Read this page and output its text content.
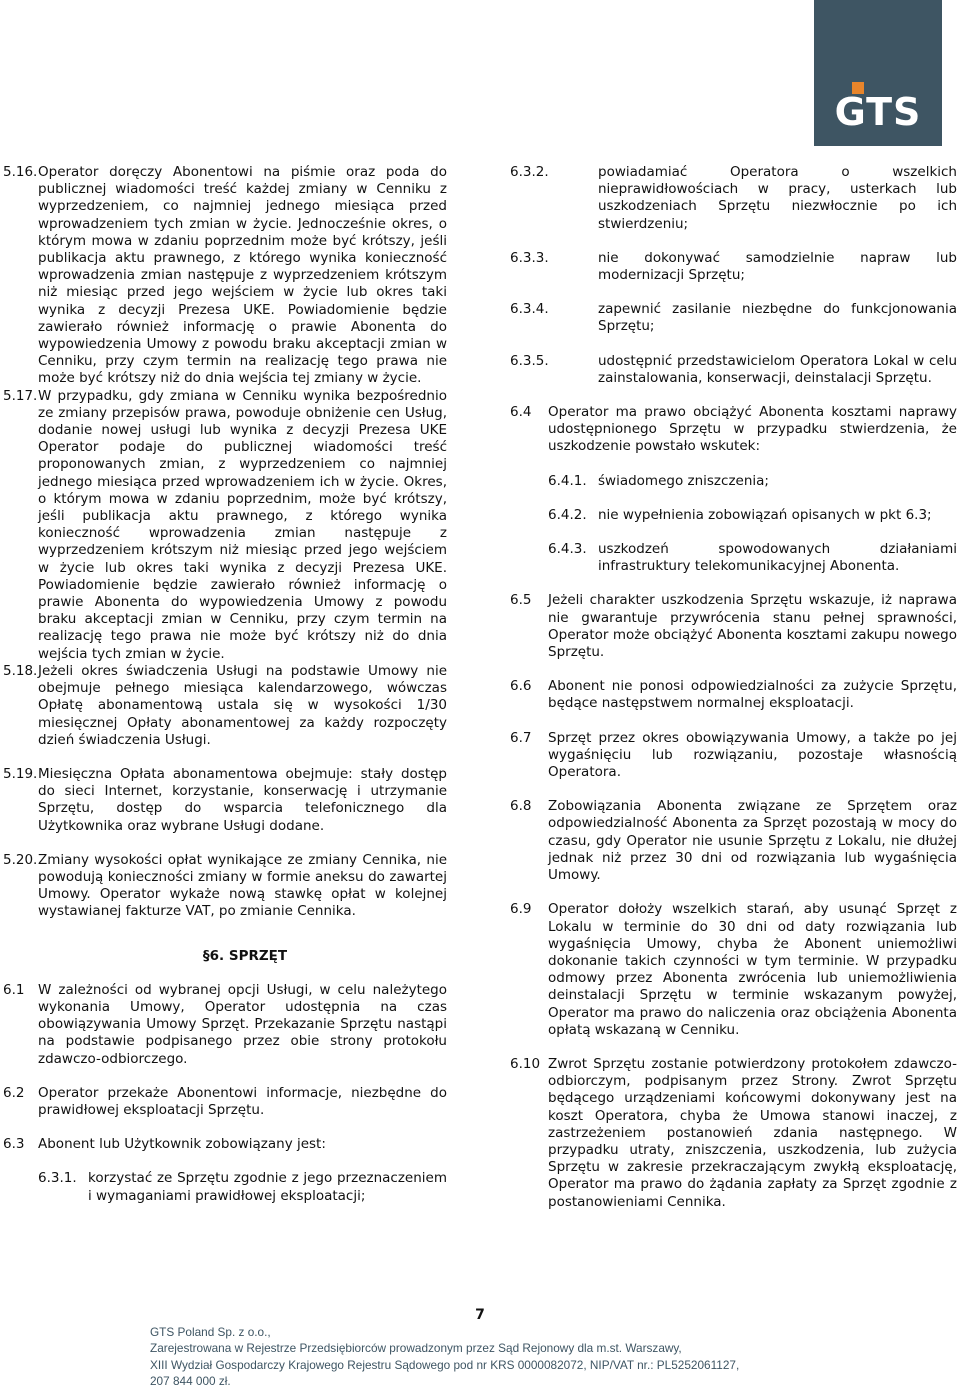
GTS
5.16. Operator doręczy Abonentowi na piśmie oraz poda do publicznej wiadomości treść każdej zmiany w Cenniku z wyprzedzeniem, co najmniej jednego miesiąca przed wprowadzeniem tych zmian w życie. Jednocześnie okres, o którym mowa w zdaniu poprzednim może być krótszy, jeśli publikacja aktu prawnego, z którego wynika konieczność wprowadzenia zmian następuje z wyprzedzeniem krótszym niż miesiąc przed jego wejściem w życie lub okres taki wynika z decyzji Prezesa UKE. Powiadomienie będzie zawierało również informację o prawie Abonenta do wypowiedzenia Umowy z powodu braku akceptacji zmian w Cenniku, przy czym termin na realizację tego prawa nie może być krótszy niż do dnia wejścia tej zmiany w życie.
5.17. W przypadku, gdy zmiana w Cenniku wynika bezpośrednio ze zmiany przepisów prawa, powoduje obniżenie cen Usług, dodanie nowej usługi lub wynika z decyzji Prezesa UKE Operator podaje do publicznej wiadomości treść proponowanych zmian, z wyprzedzeniem co najmniej jednego miesiąca przed wprowadzeniem ich w życie. Okres, o którym mowa w zdaniu poprzednim, może być krótszy, jeśli publikacja aktu prawnego, z którego wynika konieczność wprowadzenia zmian następuje z wyprzedzeniem krótszym niż miesiąc przed jego wejściem w życie lub okres taki wynika z decyzji Prezesa UKE. Powiadomienie będzie zawierało również informację o prawie Abonenta do wypowiedzenia Umowy z powodu braku akceptacji zmian w Cenniku, przy czym termin na realizację tego prawa nie może być krótszy niż do dnia wejścia tych zmian w życie.
5.18. Jeżeli okres świadczenia Usługi na podstawie Umowy nie obejmuje pełnego miesiąca kalendarzowego, wówczas Opłatę abonamentową ustala się w wysokości 1/30 miesięcznej Opłaty abonamentowej za każdy rozpoczęty dzień świadczenia Usługi.
5.19. Miesięczna Opłata abonamentowa obejmuje: stały dostęp do sieci Internet, korzystanie, konserwację i utrzymanie Sprzętu, dostęp do wsparcia telefonicznego dla Użytkownika oraz wybrane Usługi dodane.
5.20. Zmiany wysokości opłat wynikające ze zmiany Cennika, nie powodują konieczności zmiany w formie aneksu do zawartej Umowy. Operator wykaże nową stawkę opłat w kolejnej wystawianej fakturze VAT, po zmianie Cennika.
§6. SPRZĘT
6.1	W zależności od wybranej opcji Usługi, w celu należytego wykonania Umowy, Operator udostępnia na czas obowiązywania Umowy Sprzęt. Przekazanie Sprzętu nastąpi na podstawie podpisanego przez obie strony protokołu zdawczo-odbiorczego.
6.2	Operator przekaże Abonentowi informacje, niezbędne do prawidłowej eksploatacji Sprzętu.
6.3	Abonent lub Użytkownik zobowiązany jest:
6.3.1. korzystać ze Sprzętu zgodnie z jego przeznaczeniem i wymaganiami prawidłowej eksploatacji;
6.3.2.	powiadamiać Operatora o wszelkich nieprawidłowościach w pracy, usterkach lub uszkodzeniach Sprzętu niezwłocznie po ich stwierdzeniu;
6.3.3.	nie dokonywać samodzielnie napraw lub modernizacji Sprzętu;
6.3.4.	zapewnić zasilanie niezbędne do funkcjonowania Sprzętu;
6.3.5.	udostępnić przedstawicielom Operatora Lokal w celu zainstalowania, konserwacji, deinstalacji Sprzętu.
6.4	Operator ma prawo obciążyć Abonenta kosztami naprawy udostępnionego Sprzętu w przypadku stwierdzenia, że uszkodzenie powstało wskutek:
6.4.1. świadomego zniszczenia;
6.4.2. nie wypełnienia zobowiązań opisanych w pkt 6.3;
6.4.3. uszkodzeń spowodowanych działaniami infrastruktury telekomunikacyjnej Abonenta.
6.5	Jeżeli charakter uszkodzenia Sprzętu wskazuje, iż naprawa nie gwarantuje przywrócenia stanu pełnej sprawności, Operator może obciążyć Abonenta kosztami zakupu nowego Sprzętu.
6.6	Abonent nie ponosi odpowiedzialności za zużycie Sprzętu, będące następstwem normalnej eksploatacji.
6.7	Sprzęt przez okres obowiązywania Umowy, a także po jej wygaśnięciu lub rozwiązaniu, pozostaje własnością Operatora.
6.8	Zobowiązania Abonenta związane ze Sprzętem oraz odpowiedzialność Abonenta za Sprzęt pozostają w mocy do czasu, gdy Operator nie usunie Sprzętu z Lokalu, nie dłużej jednak niż przez 30 dni od rozwiązania lub wygaśnięcia Umowy.
6.9	Operator dołoży wszelkich starań, aby usunąć Sprzęt z Lokalu w terminie do 30 dni od daty rozwiązania lub wygaśnięcia Umowy, chyba że Abonent uniemożliwi dokonanie takich czynności w tym terminie. W przypadku odmowy przez Abonenta zwrócenia lub uniemożliwienia deinstalacji Sprzętu w terminie wskazanym powyżej, Operator ma prawo do naliczenia oraz obciążenia Abonenta opłatą wskazaną w Cenniku.
6.10 Zwrot Sprzętu zostanie potwierdzony protokołem zdawczo-odbiorczym, podpisanym przez Strony. Zwrot Sprzętu będącego urządzeniami końcowymi dokonywany jest na koszt Operatora, chyba że Umowa stanowi inaczej, z zastrzeżeniem postanowień zdania następnego. W przypadku utraty, zniszczenia, uszkodzenia, lub zużycia Sprzętu w zakresie przekraczającym zwykłą eksploatację, Operator ma prawo do żądania zapłaty za Sprzęt zgodnie z postanowieniami Cennika.
7
GTS Poland Sp. z o.o.,
Zarejestrowana w Rejestrze Przedsiębiorców prowadzonym przez Sąd Rejonowy dla m.st. Warszawy,
XIII Wydział Gospodarczy Krajowego Rejestru Sądowego pod nr KRS 0000082072, NIP/VAT nr.: PL5252061127,
207 844 000 zł.
